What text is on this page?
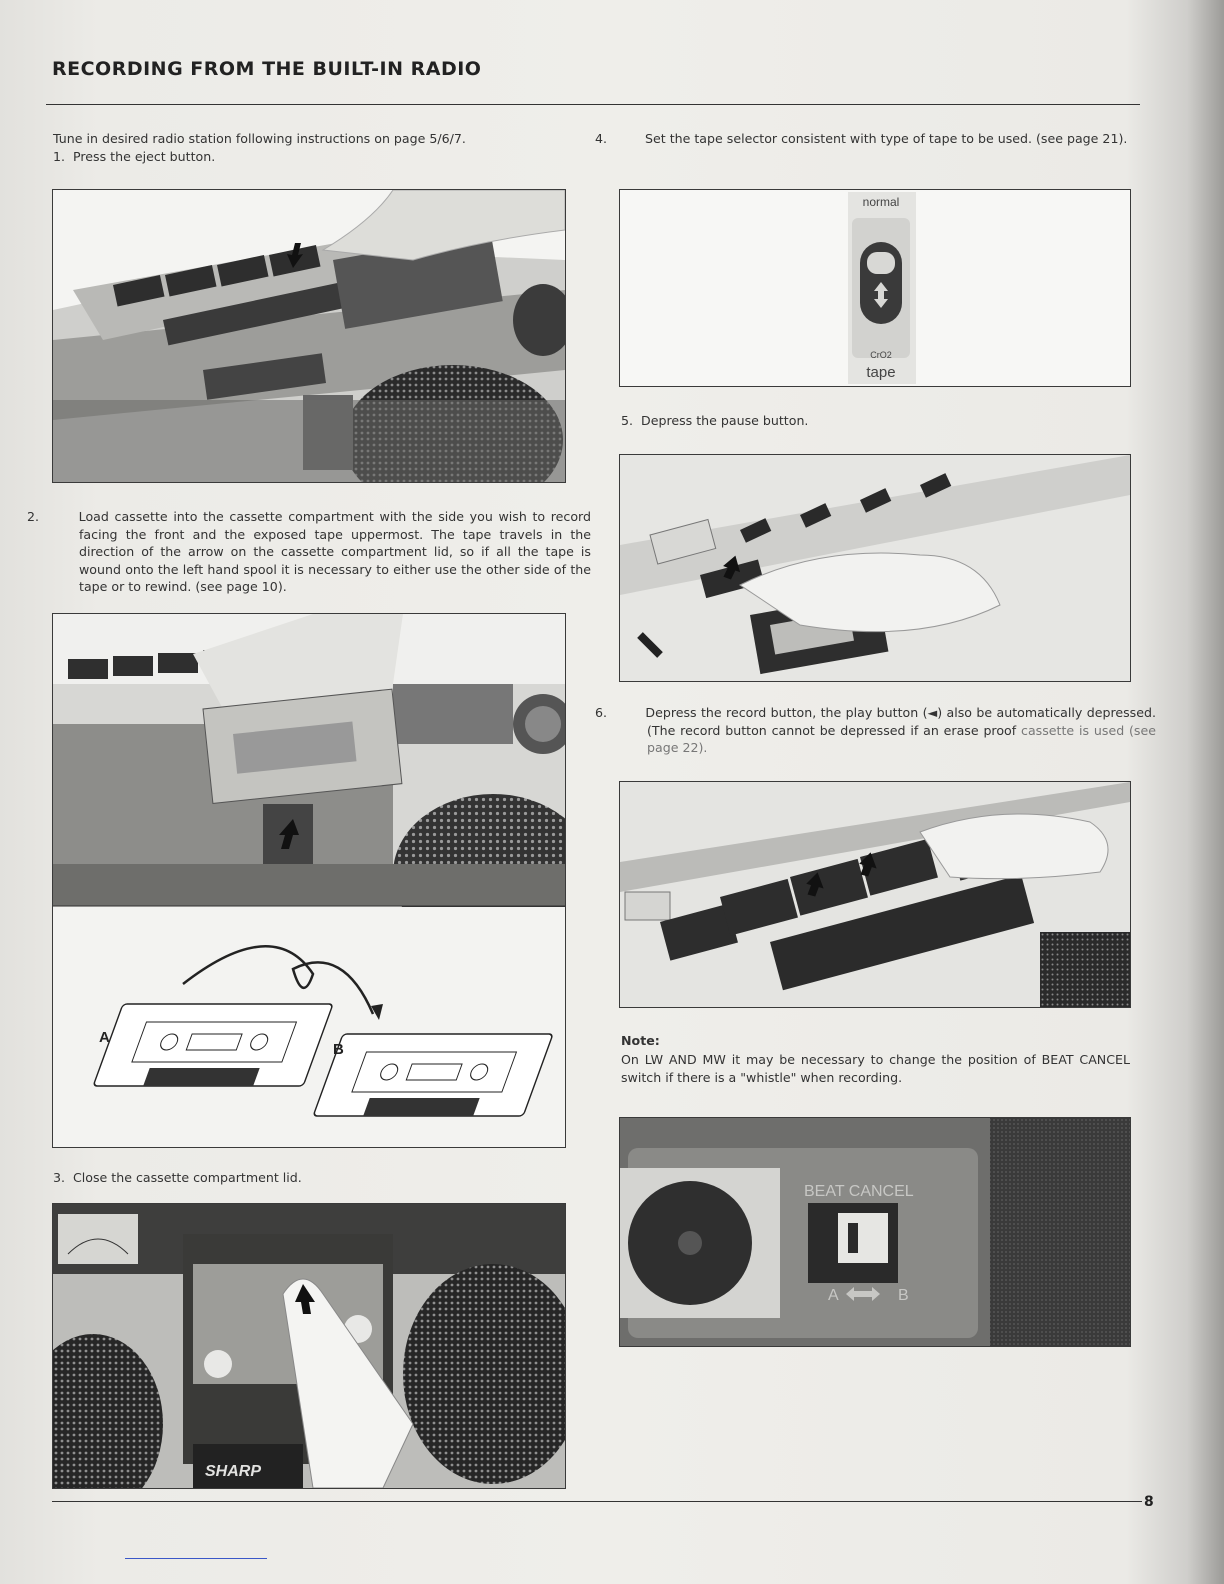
RECORDING FROM THE BUILT-IN RADIO
Tune in desired radio station following instructions on page 5/6/7.
1. Press the eject button.
2.	Load cassette into the cassette compartment with the side you wish to record facing the front and the exposed tape uppermost. The tape travels in the direction of the arrow on the cassette compartment lid, so if all the tape is wound onto the left hand spool it is necessary to either use the other side of the tape or to rewind. (see page 10).
A
B
3. Close the cassette compartment lid.
SHARP
4.	Set the tape selector consistent with type of tape to be used. (see page 21).
normal
CrO2
tape
5. Depress the pause button.
6.	Depress the record button, the play button (◄) also be automatically depressed. (The record button cannot be depressed if an erase proof cassette is used (see page 22).
Note:
On LW AND MW it may be necessary to change the position of BEAT CANCEL switch if there is a "whistle" when recording.
BEAT CANCEL
A	B
8
